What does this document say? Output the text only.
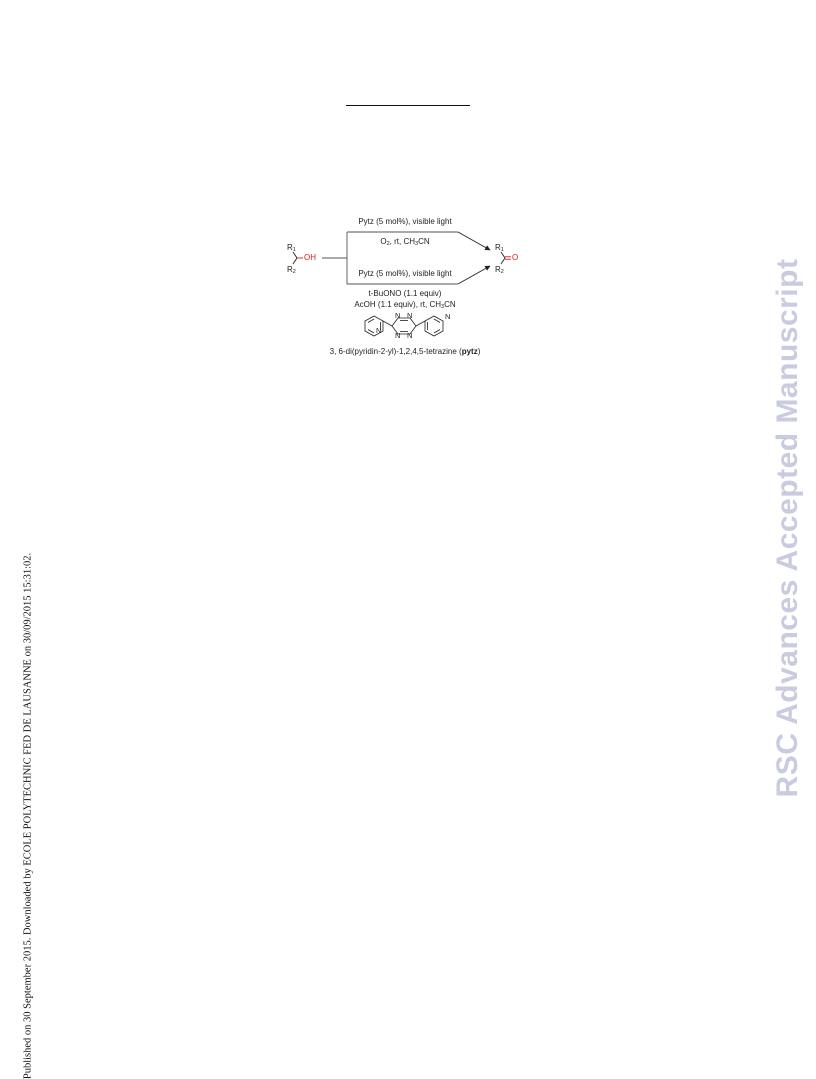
Published on 30 September 2015. Downloaded by ECOLE POLYTECHNIC FED DE LAUSANNE on 30/09/2015 15:31:02.
RSC Advances Accepted Manuscript
$R_1$
OH
$R_2$
Pytz (5 mol%), visible light
$O_2$, rt, $CH_3CN$
Pytz (5 mol%), visible light
t-BuONO (1.1 equiv)
AcOH (1.1 equiv), rt, $CH_3CN$
$R_1$
O
$R_2$
N N
N N
N
N
3, 6-di(pyridin-2-yl)-1,2,4,5-tetrazine (pytz)
